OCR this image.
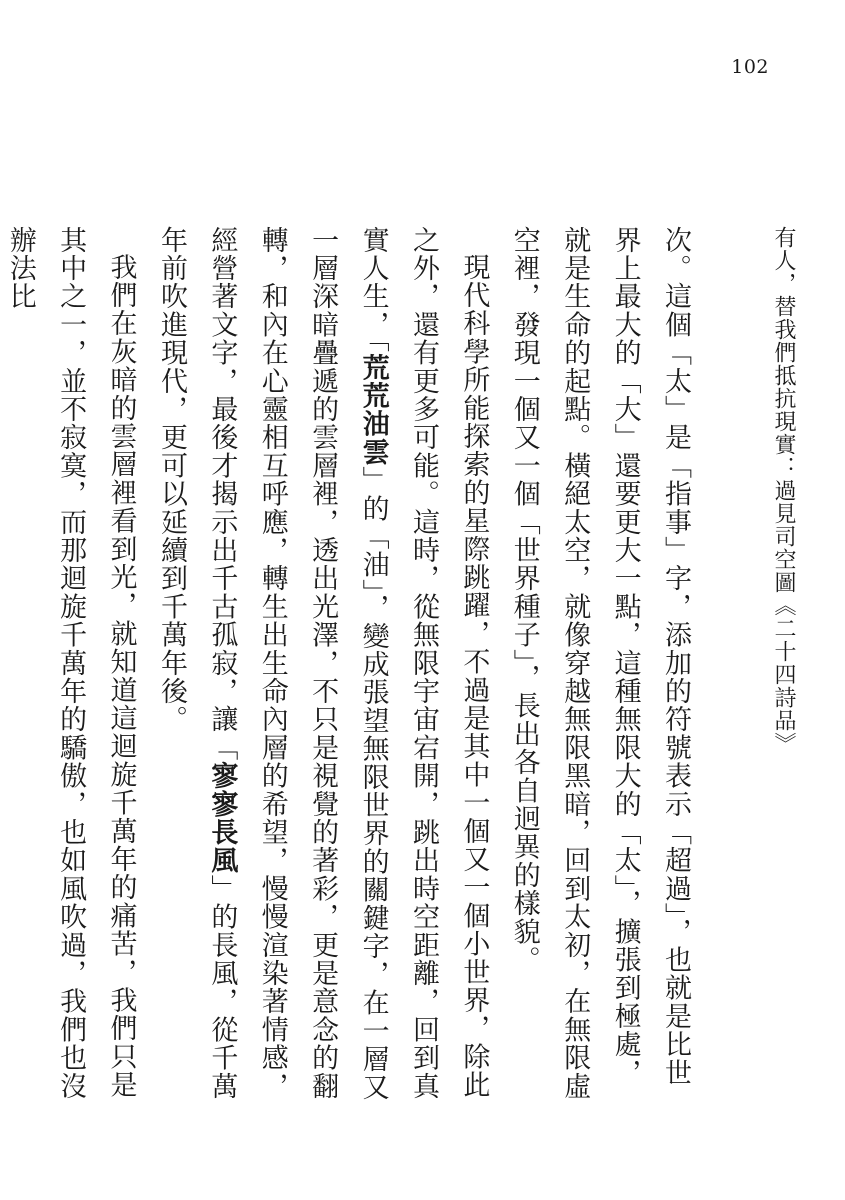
102
有人，替我們抵抗現實：過見司空圖《二十四詩品》

次。這個「太」是「指事」字，添加的符號表示「超過」，也就是比世界上最大的「大」還要更大一點，這種無限大的「太」，擴張到極處，就是生命的起點。橫絕太空，就像穿越無限黑暗，回到太初，在無限虛空裡，發現一個又一個「世界種子」，長出各自迥異的樣貌。

現代科學所能探索的星際跳躍，不過是其中一個又一個小世界，除此之外，還有更多可能。這時，從無限宇宙宕開，跳出時空距離，回到真實人生，「荒荒油雲」的「油」，變成張望無限世界的關鍵字，在一層又一層深暗疊遞的雲層裡，透出光澤，不只是視覺的著彩，更是意念的翻轉，和內在心靈相互呼應，轉生出生命內層的希望，慢慢渲染著情感，經營著文字，最後才揭示出千古孤寂，讓「寥寥長風」的長風，從千萬年前吹進現代，更可以延續到千萬年後。

我們在灰暗的雲層裡看到光，就知道這迴旋千萬年的痛苦，我們只是其中之一，並不寂寞，而那迴旋千萬年的驕傲，也如風吹過，我們也沒辦法比
